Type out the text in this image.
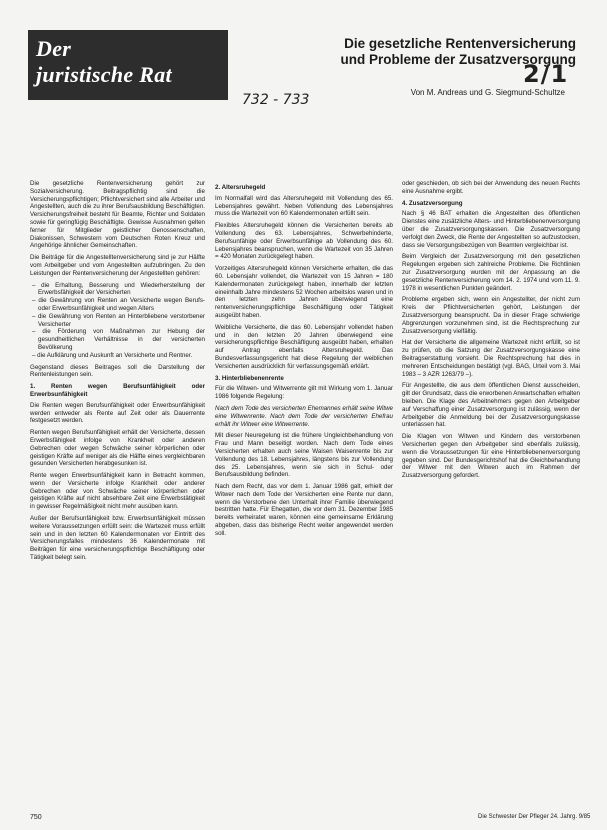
Der
juristische Rat
Die gesetzliche Rentenversicherung
und Probleme der Zusatzversorgung
2/1
732 - 733	Von M. Andreas und G. Siegmund-Schultze

Die gesetzliche Rentenversicherung gehört zur Sozialversicherung. Beitragspflichtig sind die Versicherungspflichtigen; Pflichtversichert sind alle Arbeiter und Angestellten, auch die zu ihrer Berufsausbildung Beschäftigten. Versicherungsfreiheit besteht für Beamte, Richter und Soldaten sowie für geringfügig Beschäftigte. Gewisse Ausnahmen gelten ferner für Mitglieder geistlicher Genossenschaften, Diakonissen, Schwestern vom Deutschen Roten Kreuz und Angehörige ähnlicher Gemeinschaften.

Die Beiträge für die Angestelltenversicherung sind je zur Hälfte vom Arbeitgeber und vom Angestellten aufzubringen. Zu den Leistungen der Rentenversicherung der Angestellten gehören:

– die Erhaltung, Besserung und Wiederherstellung der Erwerbsfähigkeit der Versicherten
– die Gewährung von Renten an Versicherte wegen Berufs- oder Erwerbsunfähigkeit und wegen Alters
– die Gewährung von Renten an Hinterbliebene verstorbener Versicherter
– die Förderung von Maßnahmen zur Hebung der gesundheitlichen Verhältnisse in der versicherten Bevölkerung
– die Aufklärung und Auskunft an Versicherte und Rentner.

Gegenstand dieses Beitrages soll die Darstellung der Rentenleistungen sein.

1. Renten wegen Berufsunfähigkeit oder Erwerbsunfähigkeit

Die Renten wegen Berufsunfähigkeit oder Erwerbsunfähigkeit werden entweder als Rente auf Zeit oder als Dauerrente festgesetzt werden.

Renten wegen Berufsunfähigkeit erhält der Versicherte, dessen Erwerbsfähigkeit infolge von Krankheit oder anderen Gebrechen oder wegen Schwäche seiner körperlichen oder geistigen Kräfte auf weniger als die Hälfte eines vergleichbaren gesunden Versicherten herabgesunken ist.

Rente wegen Erwerbsunfähigkeit kann in Betracht kommen, wenn der Versicherte infolge Krankheit oder anderer Gebrechen oder von Schwäche seiner körperlichen oder geistigen Kräfte auf nicht absehbare Zeit eine Erwerbstätigkeit in gewisser Regelmäßigkeit nicht mehr ausüben kann.

Außer der Berufsunfähigkeit bzw. Erwerbsunfähigkeit müssen weitere Voraussetzungen erfüllt sein: die Wartezeit muss erfüllt sein und in den letzten 60 Kalendermonaten vor Eintritt des Versicherungsfalles mindestens 36 Kalendermonate mit Beiträgen für eine versicherungspflichtige Beschäftigung oder Tätigkeit belegt sein.

2. Altersruhegeld

Im Normalfall wird das Altersruhegeld mit Vollendung des 65. Lebensjahres gewährt. Neben Vollendung des Lebensjahres muss die Wartezeit von 60 Kalendermonaten erfüllt sein.

Flexibles Altersruhegeld können die Versicherten bereits ab Vollendung des 63. Lebensjahres, Schwerbehinderte, Berufsunfähige oder Erwerbsunfähige ab Vollendung des 60. Lebensjahres beanspruchen, wenn die Wartezeit von 35 Jahren = 420 Monaten zurückgelegt haben.

Vorzeitiges Altersruhegeld können Versicherte erhalten, die das 60. Lebensjahr vollendet, die Wartezeit von 15 Jahren = 180 Kalendermonaten zurückgelegt haben, innerhalb der letzten eineinhalb Jahre mindestens 52 Wochen arbeitslos waren und in den letzten zehn Jahren überwiegend eine rentenversicherungspflichtige Beschäftigung oder Tätigkeit ausgeübt haben.

Weibliche Versicherte, die das 60. Lebensjahr vollendet haben und in den letzten 20 Jahren überwiegend eine versicherungspflichtige Beschäftigung ausgeübt haben, erhalten auf Antrag ebenfalls Altersruhegeld. Das Bundesverfassungsgericht hat diese Regelung der weiblichen Versicherten ausdrücklich für verfassungsgemäß erklärt.

3. Hinterbliebenenrente

Für die Witwen- und Witwerrente gilt mit Wirkung vom 1. Januar 1986 folgende Regelung:

Nach dem Tode des versicherten Ehemannes erhält seine Witwe eine Witwenrente. Nach dem Tode der versicherten Ehefrau erhält ihr Witwer eine Witwerrente.

Mit dieser Neuregelung ist die frühere Ungleichbehandlung von Frau und Mann beseitigt worden. Nach dem Tode eines Versicherten erhalten auch seine Waisen Waisenrente bis zur Vollendung des 18. Lebensjahres, längstens bis zur Vollendung des 25. Lebensjahres, wenn sie sich in Schul- oder Berufsausbildung befinden.

Nach dem Recht, das vor dem 1. Januar 1986 galt, erhielt der Witwer nach dem Tode der Versicherten eine Rente nur dann, wenn die Verstorbene den Unterhalt ihrer Familie überwiegend bestritten hatte. Für Ehegatten, die vor dem 31. Dezember 1985 bereits verheiratet waren, können eine gemeinsame Erklärung abgeben, dass das bisherige Recht weiter angewendet werden soll.

oder geschieden, ob sich bei der Anwendung des neuen Rechts eine Ausnahme ergibt.

4. Zusatzversorgung

Nach § 46 BAT erhalten die Angestellten des öffentlichen Dienstes eine zusätzliche Alters- und Hinterbliebenenversorgung über die Zusatzversorgungskassen. Die Zusatzversorgung verfolgt den Zweck, die Rente der Angestellten so aufzustocken, dass sie Versorgungsbezügen von Beamten vergleichbar ist.

Beim Vergleich der Zusatzversorgung mit den gesetzlichen Regelungen ergeben sich zahlreiche Probleme. Die Richtlinien zur Zusatzversorgung wurden mit der Anpassung an die gesetzliche Rentenversicherung vom 14. 2. 1974 und vom 11. 9. 1978 in wesentlichen Punkten geändert.

Probleme ergeben sich, wenn ein Angestellter, der nicht zum Kreis der Pflichtversicherten gehört, Leistungen der Zusatzversorgung beansprucht. Da in dieser Frage schwierige Abgrenzungen vorzunehmen sind, ist die Rechtsprechung zur Zusatzversorgung vielfältig.

Hat der Versicherte die allgemeine Wartezeit nicht erfüllt, so ist zu prüfen, ob die Satzung der Zusatzversorgungskasse eine Beitragserstattung vorsieht. Die Rechtsprechung hat dies in mehreren Entscheidungen bestätigt (vgl. BAG, Urteil vom 3. Mai 1983 – 3 AZR 1263/79 –).

Für Angestellte, die aus dem öffentlichen Dienst ausscheiden, gilt der Grundsatz, dass die erworbenen Anwartschaften erhalten bleiben. Die Klage des Arbeitnehmers gegen den Arbeitgeber auf Verschaffung einer Zusatzversorgung ist zulässig, wenn der Arbeitgeber die Anmeldung bei der Zusatzversorgungskasse unterlassen hat.

Die Klagen von Witwen und Kindern des verstorbenen Versicherten gegen den Arbeitgeber sind ebenfalls zulässig, wenn die Voraussetzungen für eine Hinterbliebenenversorgung gegeben sind. Der Bundesgerichtshof hat die Gleichbehandlung der Witwer mit den Witwen auch im Rahmen der Zusatzversorgung gefordert.

750	Die Schwester Der Pfleger 24. Jahrg. 9/85
